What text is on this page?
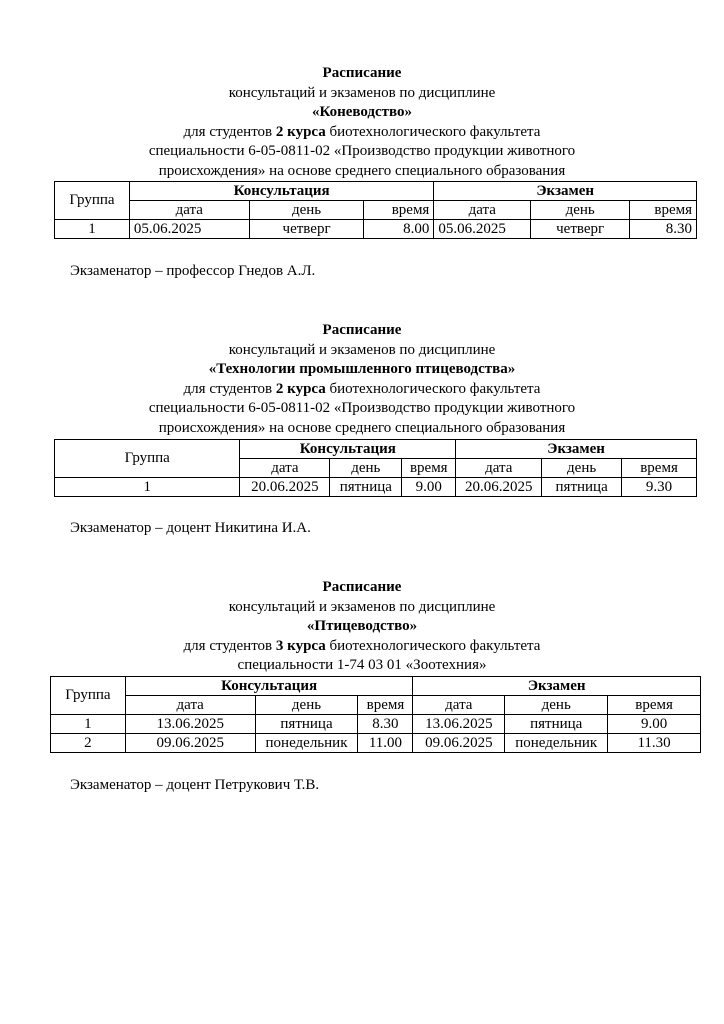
Расписание
консультаций и экзаменов по дисциплине
«Коневодство»
для студентов 2 курса биотехнологического факультета
специальности 6-05-0811-02 «Производство продукции животного
происхождения» на основе среднего специального образования
Группа	Консультация			Экзамен		
	дата	день	время	дата	день	время
1	05.06.2025	четверг	8.00	05.06.2025	четверг	8.30
Экзаменатор – профессор Гнедов А.Л.
Расписание
консультаций и экзаменов по дисциплине
«Технологии промышленного птицеводства»
для студентов 2 курса биотехнологического факультета
специальности 6-05-0811-02 «Производство продукции животного
происхождения» на основе среднего специального образования
Группа	Консультация			Экзамен		
	дата	день	время	дата	день	время
1	20.06.2025	пятница	9.00	20.06.2025	пятница	9.30
Экзаменатор – доцент Никитина И.А.
Расписание
консультаций и экзаменов по дисциплине
«Птицеводство»
для студентов 3 курса биотехнологического факультета
специальности 1-74 03 01 «Зоотехния»
Группа	Консультация			Экзамен		
	дата	день	время	дата	день	время
1	13.06.2025	пятница	8.30	13.06.2025	пятница	9.00
2	09.06.2025	понедельник	11.00	09.06.2025	понедельник	11.30
Экзаменатор – доцент Петрукович Т.В.
